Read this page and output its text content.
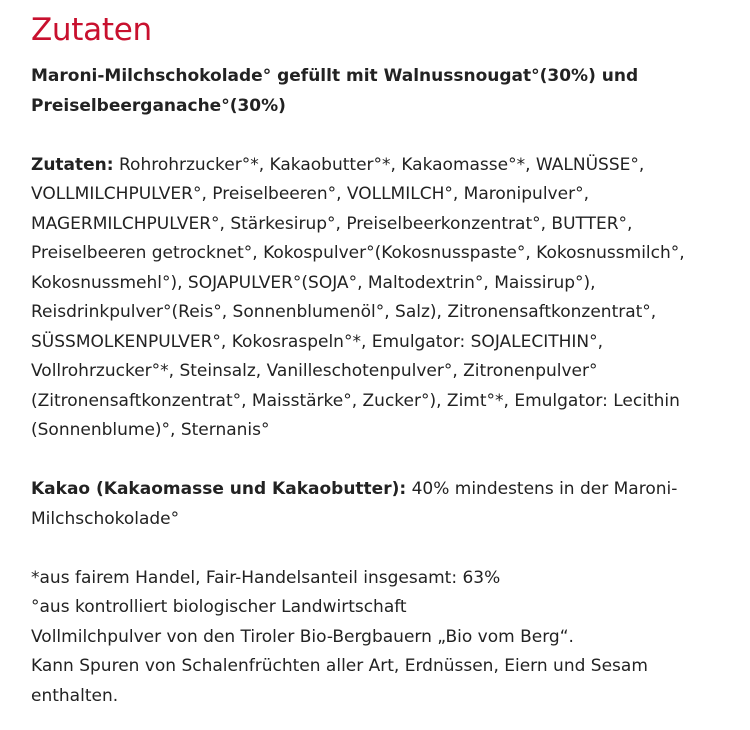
Zutaten

Maroni-Milchschokolade° gefüllt mit Walnussnougat°(30%) und
Preiselbeerganache°(30%)

Zutaten: Rohrohrzucker°*, Kakaobutter°*, Kakaomasse°*, WALNÜSSE°,
VOLLMILCHPULVER°, Preiselbeeren°, VOLLMILCH°, Maronipulver°,
MAGERMILCHPULVER°, Stärkesirup°, Preiselbeerkonzentrat°, BUTTER°,
Preiselbeeren getrocknet°, Kokospulver°(Kokosnusspaste°, Kokosnussmilch°,
Kokosnussmehl°), SOJAPULVER°(SOJA°, Maltodextrin°, Maissirup°),
Reisdrinkpulver°(Reis°, Sonnenblumenöl°, Salz), Zitronensaftkonzentrat°,
SÜSSMOLKENPULVER°, Kokosraspeln°*, Emulgator: SOJALECITHIN°,
Vollrohrzucker°*, Steinsalz, Vanilleschotenpulver°, Zitronenpulver°
(Zitronensaftkonzentrat°, Maisstärke°, Zucker°), Zimt°*, Emulgator: Lecithin
(Sonnenblume)°, Sternanis°

Kakao (Kakaomasse und Kakaobutter): 40% mindestens in der Maroni-
Milchschokolade°

*aus fairem Handel, Fair-Handelsanteil insgesamt: 63%
°aus kontrolliert biologischer Landwirtschaft
Vollmilchpulver von den Tiroler Bio-Bergbauern „Bio vom Berg“.
Kann Spuren von Schalenfrüchten aller Art, Erdnüssen, Eiern und Sesam
enthalten.
